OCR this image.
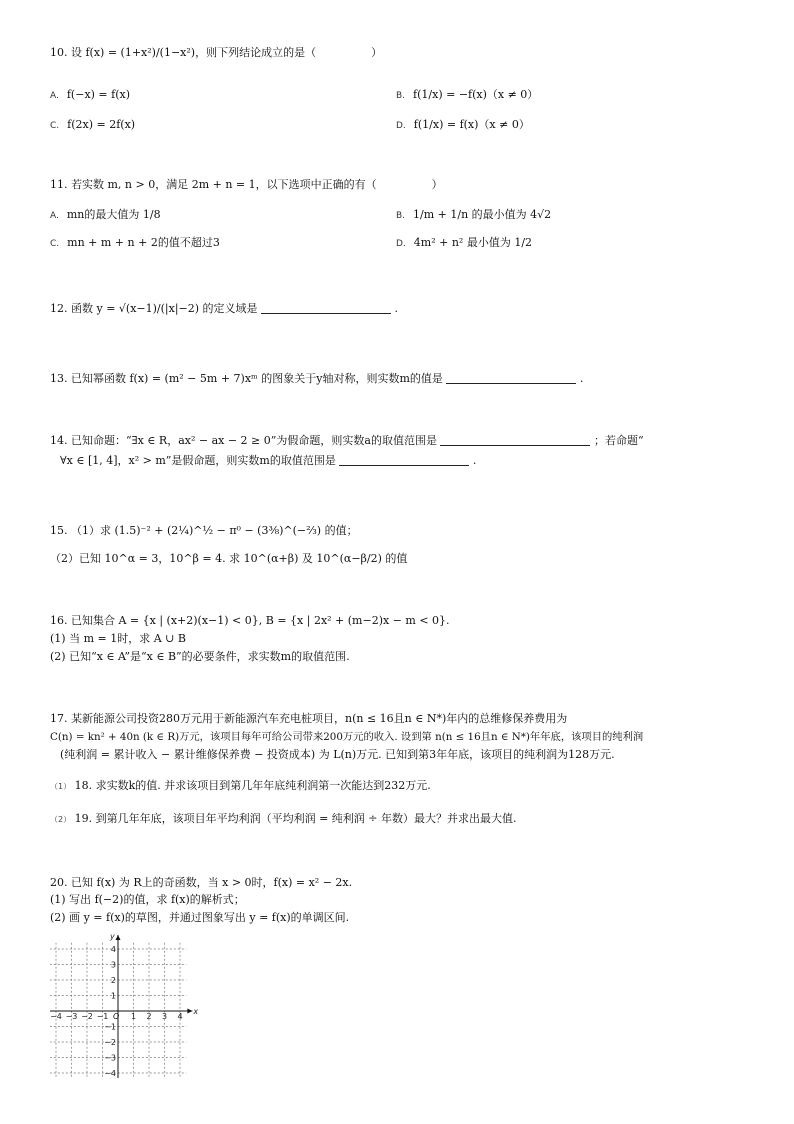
10. 设 f(x) = (1+x²)/(1−x²)，则下列结论成立的是（　　　　　）
A. f(−x) = f(x)	B. f(1/x) = −f(x)（x ≠ 0）
C. f(2x) = 2f(x)	D. f(1/x) = f(x)（x ≠ 0）
11. 若实数 m, n > 0，满足 2m + n = 1，以下选项中正确的有（　　　　　）
A. mn的最大值为 1/8	B. 1/m + 1/n 的最小值为 4√2
C. mn + m + n + 2的值不超过3	D. 4m² + n² 最小值为 1/2
12. 函数 y = √(x−1)/(|x|−2) 的定义域是	.
13. 已知幂函数 f(x) = (m² − 5m + 7)xᵐ 的图象关于y轴对称，则实数m的值是	.
14. 已知命题：“∃x ∈ R，ax² − ax − 2 ≥ 0”为假命题，则实数a的取值范围是	；若命题“
∀x ∈ [1, 4]，x² > m”是假命题，则实数m的取值范围是	.
15. （1）求 (1.5)⁻² + (2¼)^½ − π⁰ − (3⅜)^(−⅔) 的值；
（2）已知 10^α = 3，10^β = 4. 求 10^(α+β) 及 10^(α−β/2) 的值
16. 已知集合 A = {x | (x+2)(x−1) < 0}, B = {x | 2x² + (m−2)x − m < 0}.
(1) 当 m = 1时，求 A ∪ B
(2) 已知“x ∈ A”是“x ∈ B”的必要条件，求实数m的取值范围.
17. 某新能源公司投资280万元用于新能源汽车充电桩项目，n(n ≤ 16且n ∈ N*)年内的总维修保养费用为
C(n) = kn² + 40n (k ∈ R)万元，该项目每年可给公司带来200万元的收入. 设到第 n(n ≤ 16且n ∈ N*)年年底，该项目的纯利润
(纯利润 = 累计收入 − 累计维修保养费 − 投资成本) 为 L(n)万元. 已知到第3年年底，该项目的纯利润为128万元.
（1） 18. 求实数k的值. 并求该项目到第几年年底纯利润第一次能达到232万元.
（2） 19. 到第几年年底，该项目年平均利润（平均利润 = 纯利润 ÷ 年数）最大？并求出最大值.
20. 已知 f(x) 为 R上的奇函数，当 x > 0时，f(x) = x² − 2x.
(1) 写出 f(−2)的值，求 f(x)的解析式；
(2) 画 y = f(x)的草图，并通过图象写出 y = f(x)的单调区间.
x
y
O
−4 −3 −2 −1	1 2 3 4
4
3
2
1
−1
−2
−3
−4
